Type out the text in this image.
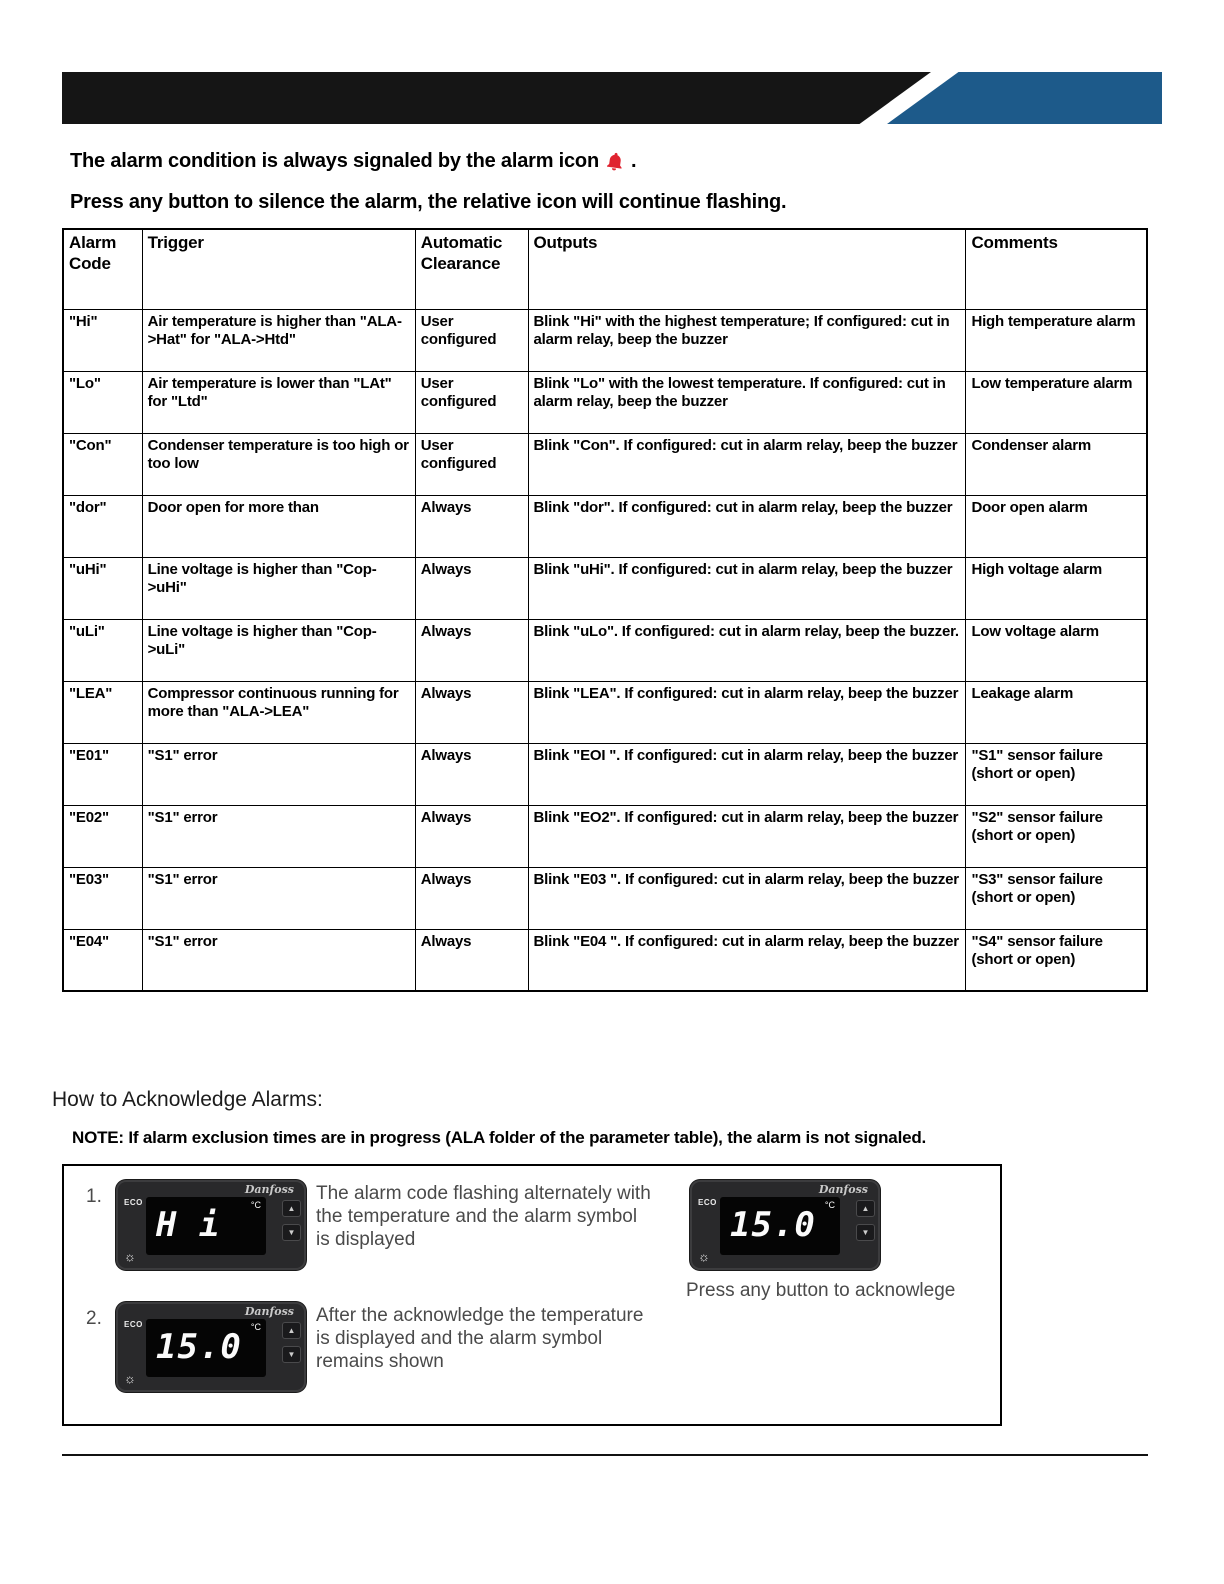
The alarm condition is always signaled by the alarm icon .
Press any button to silence the alarm, the relative icon will continue flashing.
Alarm Code	Trigger	Automatic Clearance	Outputs	Comments
"Hi"	Air temperature is higher than "ALA->Hat" for "ALA->Htd"	User configured	Blink "Hi" with the highest temperature; If configured: cut in alarm relay, beep the buzzer	High temperature alarm
"Lo"	Air temperature is lower than "LAt" for "Ltd"	User configured	Blink "Lo" with the lowest temperature. If configured: cut in alarm relay, beep the buzzer	Low temperature alarm
"Con"	Condenser temperature is too high or too low	User configured	Blink "Con". If configured: cut in alarm relay, beep the buzzer	Condenser alarm
"dor"	Door open for more than	Always	Blink "dor". If configured: cut in alarm relay, beep the buzzer	Door open alarm
"uHi"	Line voltage is higher than "Cop->uHi"	Always	Blink "uHi". If configured: cut in alarm relay, beep the buzzer	High voltage alarm
"uLi"	Line voltage is higher than "Cop->uLi"	Always	Blink "uLo". If configured: cut in alarm relay, beep the buzzer.	Low voltage alarm
"LEA"	Compressor continuous running for more than "ALA->LEA"	Always	Blink "LEA". If configured: cut in alarm relay, beep the buzzer	Leakage alarm
"E01"	"S1" error	Always	Blink "EOI ". If configured: cut in alarm relay, beep the buzzer	"S1" sensor failure (short or open)
"E02"	"S1" error	Always	Blink "EO2". If configured: cut in alarm relay, beep the buzzer	"S2" sensor failure (short or open)
"E03"	"S1" error	Always	Blink "E03 ". If configured: cut in alarm relay, beep the buzzer	"S3" sensor failure (short or open)
"E04"	"S1" error	Always	Blink "E04 ". If configured: cut in alarm relay, beep the buzzer	"S4" sensor failure (short or open)
How to Acknowledge Alarms:
NOTE: If alarm exclusion times are in progress (ALA folder of the parameter table), the alarm is not signaled.
1.	Danfoss
ECO
☼
H i	°C	▲
▼
The alarm code flashing alternately with the temperature and the alarm symbol is displayed
Danfoss
ECO
☼
15.0 °C	▲
▼
Press any button to acknowlege
2.	Danfoss
ECO
☼
15.0 °C	▲
▼
After the acknowledge the temperature is displayed and the alarm symbol remains shown
